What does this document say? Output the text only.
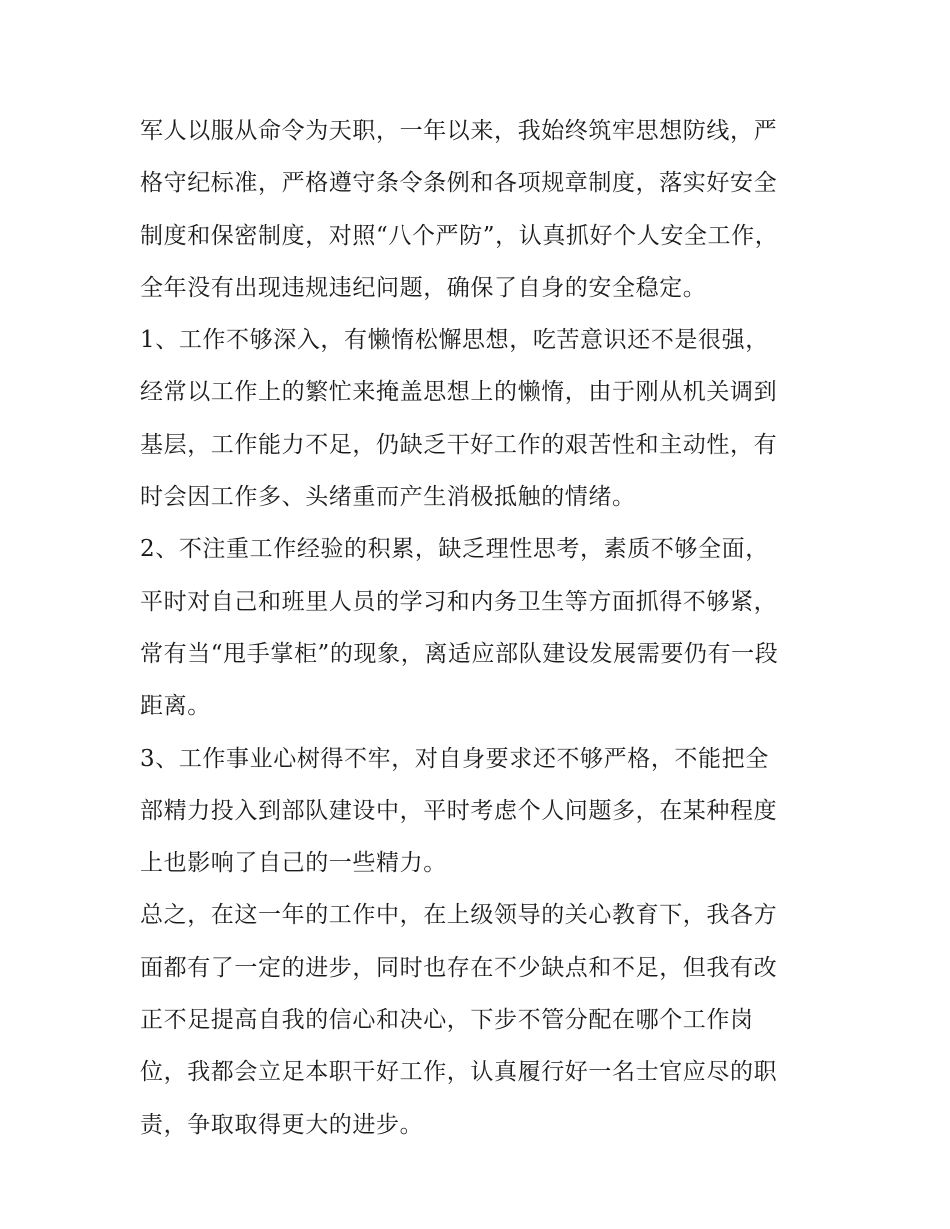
军人以服从命令为天职，一年以来，我始终筑牢思想防线，严
格守纪标准，严格遵守条令条例和各项规章制度，落实好安全
制度和保密制度，对照“八个严防”，认真抓好个人安全工作，
全年没有出现违规违纪问题，确保了自身的安全稳定。
1、工作不够深入，有懒惰松懈思想，吃苦意识还不是很强，
经常以工作上的繁忙来掩盖思想上的懒惰，由于刚从机关调到
基层，工作能力不足，仍缺乏干好工作的艰苦性和主动性，有
时会因工作多、头绪重而产生消极抵触的情绪。
2、不注重工作经验的积累，缺乏理性思考，素质不够全面，
平时对自己和班里人员的学习和内务卫生等方面抓得不够紧，
常有当“甩手掌柜”的现象，离适应部队建设发展需要仍有一段
距离。
3、工作事业心树得不牢，对自身要求还不够严格，不能把全
部精力投入到部队建设中，平时考虑个人问题多，在某种程度
上也影响了自己的一些精力。
总之，在这一年的工作中，在上级领导的关心教育下，我各方
面都有了一定的进步，同时也存在不少缺点和不足，但我有改
正不足提高自我的信心和决心，下步不管分配在哪个工作岗
位，我都会立足本职干好工作，认真履行好一名士官应尽的职
责，争取取得更大的进步。
